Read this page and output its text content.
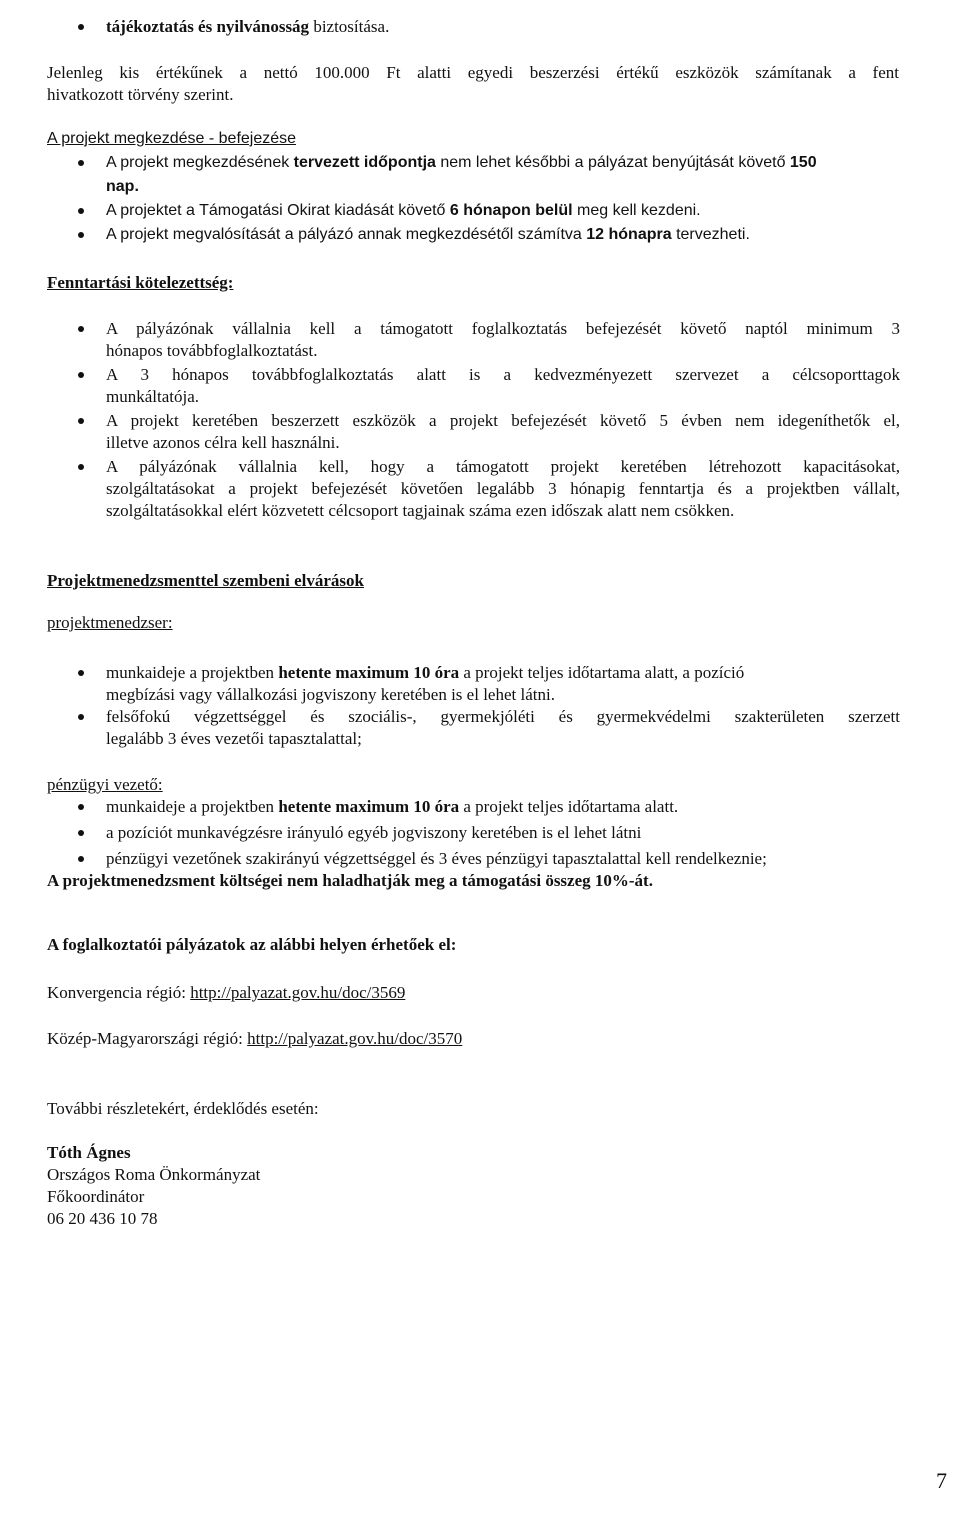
tájékoztatás és nyilvánosság biztosítása.
Jelenleg kis értékűnek a nettó 100.000 Ft alatti egyedi beszerzési értékű eszközök számítanak a fent
hivatkozott törvény szerint.
A projekt megkezdése - befejezése
A projekt megkezdésének tervezett időpontja nem lehet későbbi a pályázat benyújtását követő 150
nap.
A projektet a Támogatási Okirat kiadását követő 6 hónapon belül meg kell kezdeni.
A projekt megvalósítását a pályázó annak megkezdésétől számítva 12 hónapra tervezheti.
Fenntartási kötelezettség:
A pályázónak vállalnia kell a támogatott foglalkoztatás befejezését követő naptól minimum 3
hónapos továbbfoglalkoztatást.
A 3 hónapos továbbfoglalkoztatás alatt is a kedvezményezett szervezet a célcsoporttagok
munkáltatója.
A projekt keretében beszerzett eszközök a projekt befejezését követő 5 évben nem idegeníthetők el,
illetve azonos célra kell használni.
A pályázónak vállalnia kell, hogy a támogatott projekt keretében létrehozott kapacitásokat,
szolgáltatásokat a projekt befejezését követően legalább 3 hónapig fenntartja és a projektben vállalt,
szolgáltatásokkal elért közvetett célcsoport tagjainak száma ezen időszak alatt nem csökken.
Projektmenedzsmenttel szembeni elvárások
projektmenedzser:
munkaideje a projektben hetente maximum 10 óra a projekt teljes időtartama alatt, a pozíció
megbízási vagy vállalkozási jogviszony keretében is el lehet látni.
felsőfokú végzettséggel és szociális-, gyermekjóléti és gyermekvédelmi szakterületen szerzett
legalább 3 éves vezetői tapasztalattal;
pénzügyi vezető:
munkaideje a projektben hetente maximum 10 óra a projekt teljes időtartama alatt.
a pozíciót munkavégzésre irányuló egyéb jogviszony keretében is el lehet látni
pénzügyi vezetőnek szakirányú végzettséggel és 3 éves pénzügyi tapasztalattal kell rendelkeznie;
A projektmenedzsment költségei nem haladhatják meg a támogatási összeg 10%-át.
A foglalkoztatói pályázatok az alábbi helyen érhetőek el:
Konvergencia régió: http://palyazat.gov.hu/doc/3569
Közép-Magyarországi régió: http://palyazat.gov.hu/doc/3570
További részletekért, érdeklődés esetén:
Tóth Ágnes
Országos Roma Önkormányzat
Főkoordinátor
06 20 436 10 78
7
